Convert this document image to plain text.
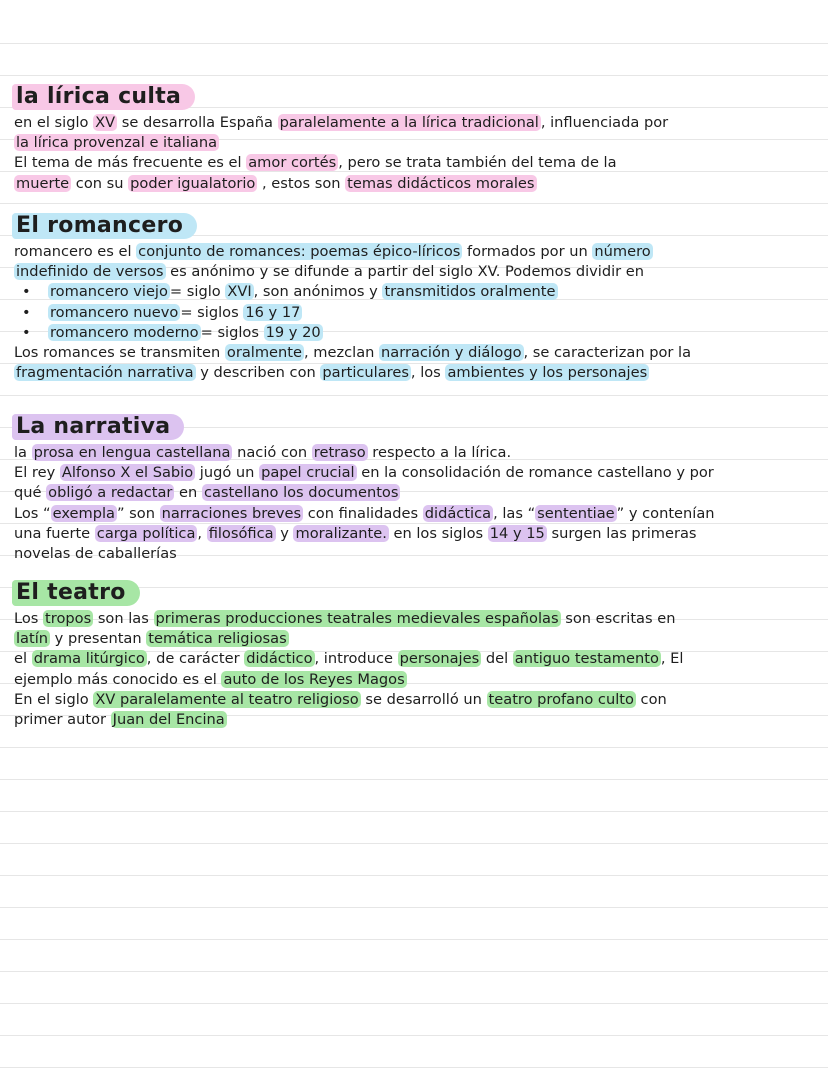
la lírica culta
en el siglo XV se desarrolla España paralelamente a la lírica tradicional , influenciada por
la lírica provenzal e italiana
El tema de más frecuente es el amor cortés , pero se trata también del tema de la
muerte con su poder igualatorio , estos son temas didácticos morales
El romancero
romancero es el conjunto de romances: poemas épico-líricos formados por un número
indefinido de versos es anónimo y se difunde a partir del siglo XV. Podemos dividir en
• romancero viejo = siglo XVI , son anónimos y transmitidos oralmente
• romancero nuevo = siglos 16 y 17
• romancero moderno = siglos 19 y 20
Los romances se transmiten oralmente , mezclan narración y diálogo , se caracterizan por la
fragmentación narrativa y describen con particulares , los ambientes y los personajes
La narrativa
la prosa en lengua castellana nació con retraso respecto a la lírica.
El rey Alfonso X el Sabio jugó un papel crucial en la consolidación de romance castellano y por
qué obligó a redactar en castellano los documentos
Los “ exempla ” son narraciones breves con finalidades didáctica , las “ sententiae ” y contenían
una fuerte carga política , filosófica y moralizante. en los siglos 14 y 15 surgen las primeras
novelas de caballerías
El teatro
Los tropos son las primeras producciones teatrales medievales españolas son escritas en
latín y presentan temática religiosas
el drama litúrgico , de carácter didáctico , introduce personajes del antiguo testamento , El
ejemplo más conocido es el auto de los Reyes Magos
En el siglo XV paralelamente al teatro religioso se desarrolló un teatro profano culto con
primer autor Juan del Encina
